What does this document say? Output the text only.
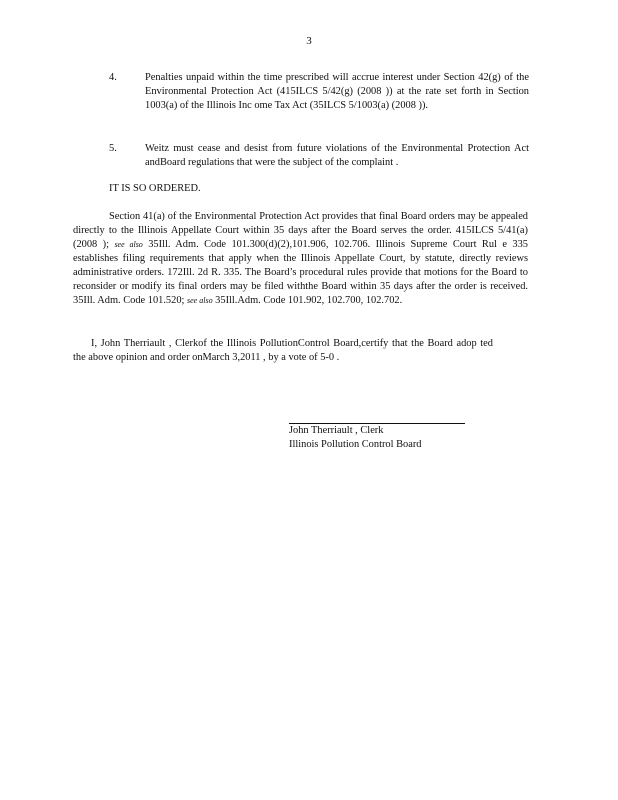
3
4.	Penalties unpaid within the time prescribed will accrue interest under Section 42(g) of the Environmental Protection Act (415ILCS 5/42(g) (2008 )) at the rate set forth in Section 1003(a) of the Illinois Inc ome Tax Act (35ILCS 5/1003(a) (2008 )).
5.	Weitz must cease and desist from future violations of the Environmental Protection Act andBoard regulations that were the subject of the complaint .
IT IS SO ORDERED.
Section 41(a) of the Environmental Protection Act provides that final Board orders may be appealed directly to the Illinois Appellate Court within 35 days after the Board serves the order. 415ILCS 5/41(a) (2008 ); see also 35Ill. Adm. Code 101.300(d)(2),101.906, 102.706. Illinois Supreme Court Rul e 335 establishes filing requirements that apply when the Illinois Appellate Court, by statute, directly reviews administrative orders. 172Ill. 2d R. 335. The Board’s procedural rules provide that motions for the Board to reconsider or modify its final orders may be filed withthe Board within 35 days after the order is received. 35Ill. Adm. Code 101.520; see also 35Ill.Adm. Code 101.902, 102.700, 102.702.
I, John Therriault , Clerkof the Illinois PollutionControl Board,certify that the Board adop ted the above opinion and order onMarch 3,2011 , by a vote of 5-0 .
John Therriault , Clerk
Illinois Pollution Control Board
